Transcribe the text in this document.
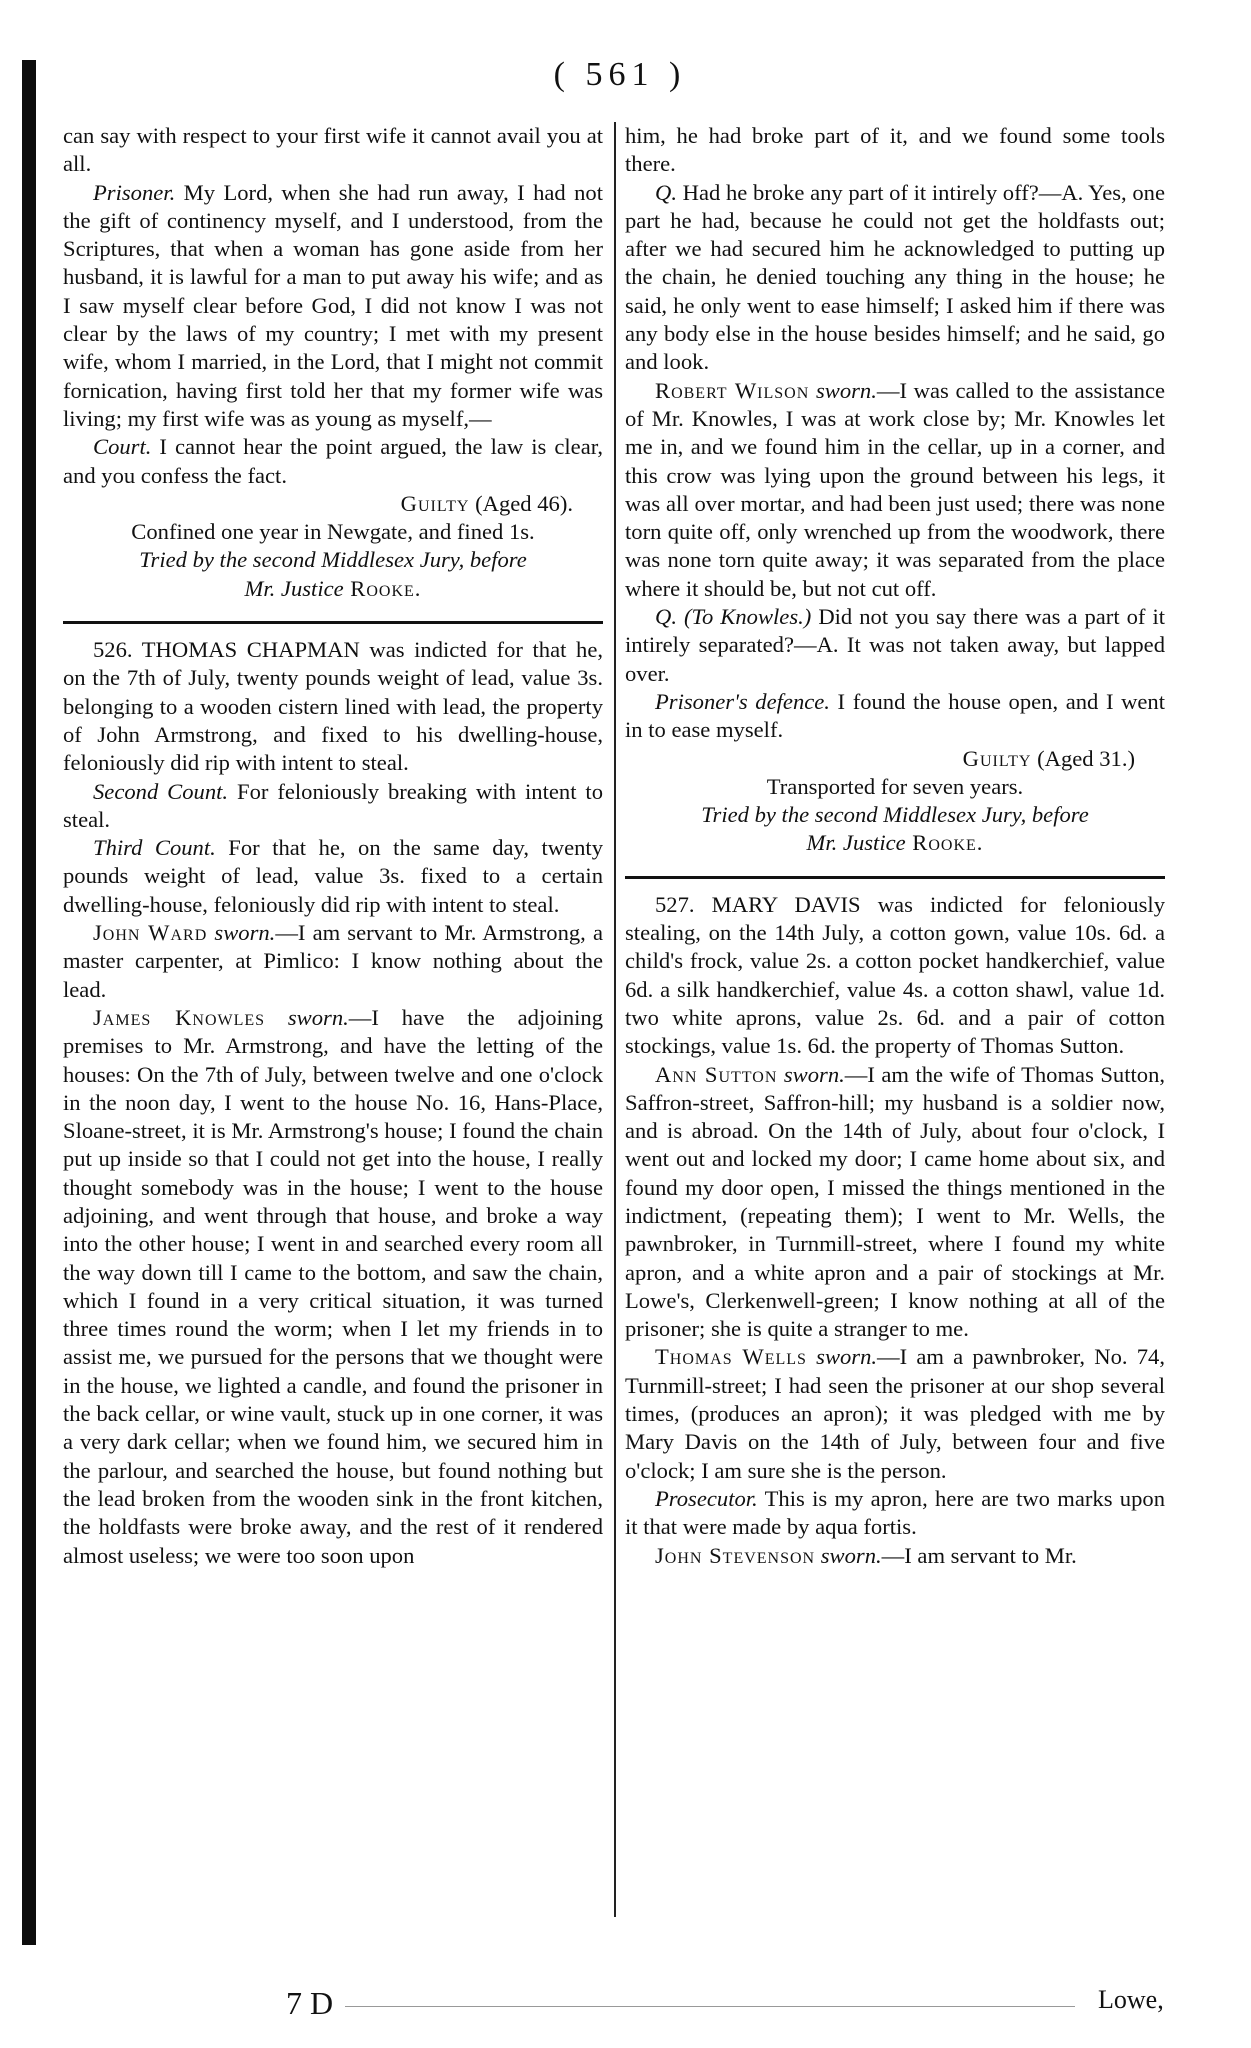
( 561 )

can say with respect to your first wife it cannot avail you at all.

Prisoner. My Lord, when she had run away, I had not the gift of continency myself, and I understood, from the Scriptures, that when a woman has gone aside from her husband, it is lawful for a man to put away his wife; and as I saw myself clear before God, I did not know I was not clear by the laws of my country; I met with my present wife, whom I married, in the Lord, that I might not commit fornication, having first told her that my former wife was living; my first wife was as young as myself,—

Court. I cannot hear the point argued, the law is clear, and you confess the fact.

Guilty (Aged 46).

Confined one year in Newgate, and fined 1s.

Tried by the second Middlesex Jury, before

Mr. Justice Rooke.

526. THOMAS CHAPMAN was indicted for that he, on the 7th of July, twenty pounds weight of lead, value 3s. belonging to a wooden cistern lined with lead, the property of John Armstrong, and fixed to his dwelling-house, feloniously did rip with intent to steal.

Second Count. For feloniously breaking with intent to steal.

Third Count. For that he, on the same day, twenty pounds weight of lead, value 3s. fixed to a certain dwelling-house, feloniously did rip with intent to steal.

John Ward sworn.—I am servant to Mr. Armstrong, a master carpenter, at Pimlico: I know nothing about the lead.

James Knowles sworn.—I have the adjoining premises to Mr. Armstrong, and have the letting of the houses: On the 7th of July, between twelve and one o'clock in the noon day, I went to the house No. 16, Hans-Place, Sloane-street, it is Mr. Armstrong's house; I found the chain put up inside so that I could not get into the house, I really thought somebody was in the house; I went to the house adjoining, and went through that house, and broke a way into the other house; I went in and searched every room all the way down till I came to the bottom, and saw the chain, which I found in a very critical situation, it was turned three times round the worm; when I let my friends in to assist me, we pursued for the persons that we thought were in the house, we lighted a candle, and found the prisoner in the back cellar, or wine vault, stuck up in one corner, it was a very dark cellar; when we found him, we secured him in the parlour, and searched the house, but found nothing but the lead broken from the wooden sink in the front kitchen, the holdfasts were broke away, and the rest of it rendered almost useless; we were too soon upon

him, he had broke part of it, and we found some tools there.

Q. Had he broke any part of it intirely off?—A. Yes, one part he had, because he could not get the holdfasts out; after we had secured him he acknowledged to putting up the chain, he denied touching any thing in the house; he said, he only went to ease himself; I asked him if there was any body else in the house besides himself; and he said, go and look.

Robert Wilson sworn.—I was called to the assistance of Mr. Knowles, I was at work close by; Mr. Knowles let me in, and we found him in the cellar, up in a corner, and this crow was lying upon the ground between his legs, it was all over mortar, and had been just used; there was none torn quite off, only wrenched up from the woodwork, there was none torn quite away; it was separated from the place where it should be, but not cut off.

Q. (To Knowles.) Did not you say there was a part of it intirely separated?—A. It was not taken away, but lapped over.

Prisoner's defence. I found the house open, and I went in to ease myself.

Guilty (Aged 31.)

Transported for seven years.

Tried by the second Middlesex Jury, before

Mr. Justice Rooke.

527. MARY DAVIS was indicted for feloniously stealing, on the 14th July, a cotton gown, value 10s. 6d. a child's frock, value 2s. a cotton pocket handkerchief, value 6d. a silk handkerchief, value 4s. a cotton shawl, value 1d. two white aprons, value 2s. 6d. and a pair of cotton stockings, value 1s. 6d. the property of Thomas Sutton.

Ann Sutton sworn.—I am the wife of Thomas Sutton, Saffron-street, Saffron-hill; my husband is a soldier now, and is abroad. On the 14th of July, about four o'clock, I went out and locked my door; I came home about six, and found my door open, I missed the things mentioned in the indictment, (repeating them); I went to Mr. Wells, the pawnbroker, in Turnmill-street, where I found my white apron, and a white apron and a pair of stockings at Mr. Lowe's, Clerkenwell-green; I know nothing at all of the prisoner; she is quite a stranger to me.

Thomas Wells sworn.—I am a pawnbroker, No. 74, Turnmill-street; I had seen the prisoner at our shop several times, (produces an apron); it was pledged with me by Mary Davis on the 14th of July, between four and five o'clock; I am sure she is the person.

Prosecutor. This is my apron, here are two marks upon it that were made by aqua fortis.

John Stevenson sworn.—I am servant to Mr.

7 D	Lowe,
